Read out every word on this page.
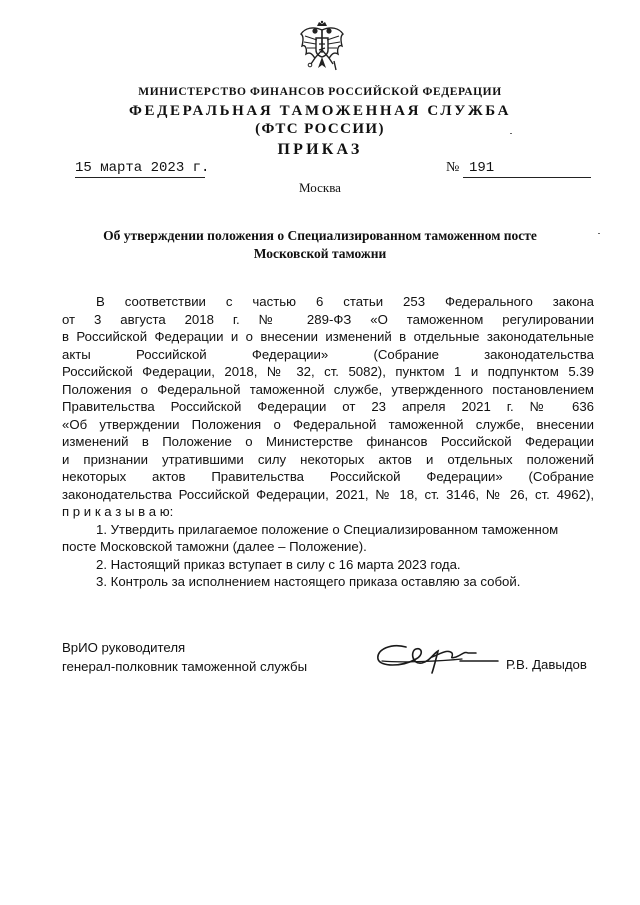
МИНИСТЕРСТВО ФИНАНСОВ РОССИЙСКОЙ ФЕДЕРАЦИИ
ФЕДЕРАЛЬНАЯ ТАМОЖЕННАЯ СЛУЖБА
(ФТС РОССИИ)
ПРИКАЗ
15 марта 2023 г.	№ 191
Москва
Об утверждении положения о Специализированном таможенном посте
Московской таможни
В соответствии с частью 6 статьи 253 Федерального закона
от 3 августа 2018 г. № 289-ФЗ «О таможенном регулировании
в Российской Федерации и о внесении изменений в отдельные законодательные
акты Российской Федерации» (Собрание законодательства
Российской Федерации, 2018, № 32, ст. 5082), пунктом 1 и подпунктом 5.39
Положения о Федеральной таможенной службе, утвержденного постановлением
Правительства Российской Федерации от 23 апреля 2021 г. № 636
«Об утверждении Положения о Федеральной таможенной службе, внесении
изменений в Положение о Министерстве финансов Российской Федерации
и признании утратившими силу некоторых актов и отдельных положений
некоторых актов Правительства Российской Федерации» (Собрание
законодательства Российской Федерации, 2021, № 18, ст. 3146, № 26, ст. 4962),
п р и к а з ы в а ю:
1. Утвердить прилагаемое положение о Специализированном таможенном
посте Московской таможни (далее – Положение).
2. Настоящий приказ вступает в силу с 16 марта 2023 года.
3. Контроль за исполнением настоящего приказа оставляю за собой.
ВрИО руководителя
генерал-полковник таможенной службы	Р.В. Давыдов
